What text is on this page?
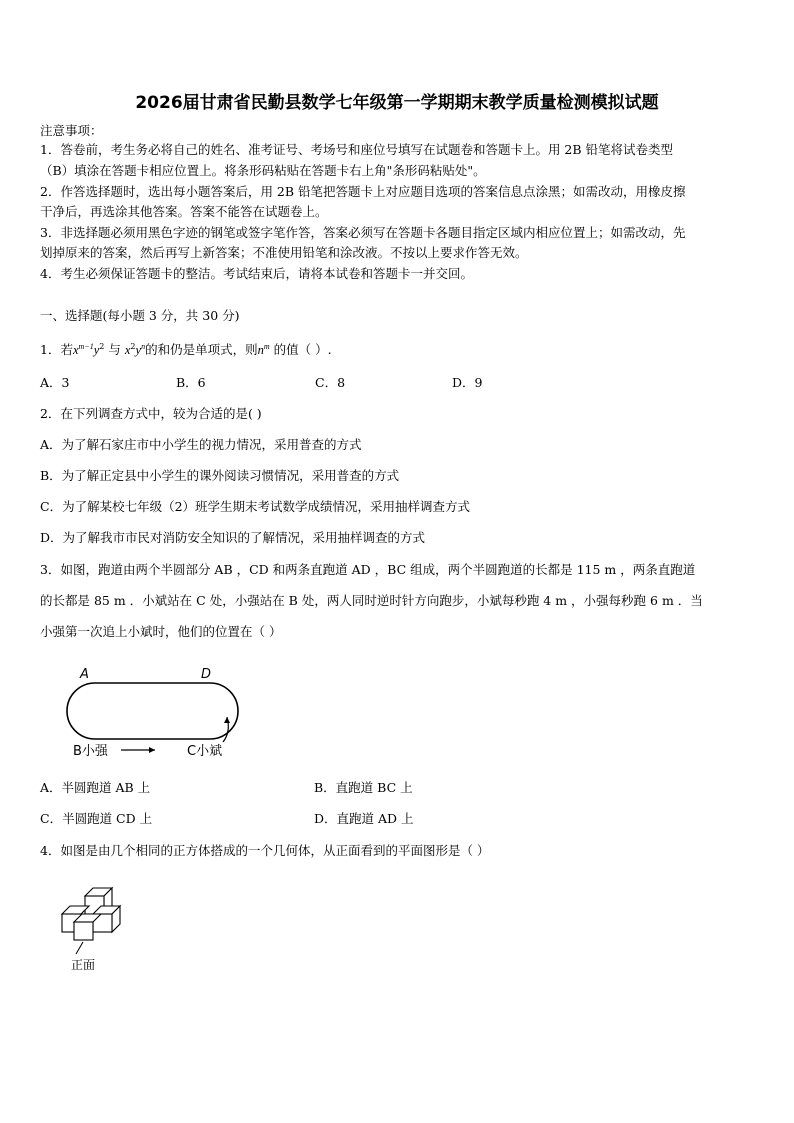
2026届甘肃省民勤县数学七年级第一学期期末教学质量检测模拟试题
注意事项：
1．答卷前，考生务必将自己的姓名、准考证号、考场号和座位号填写在试题卷和答题卡上。用 2B 铅笔将试卷类型
（B）填涂在答题卡相应位置上。将条形码粘贴在答题卡右上角"条形码粘贴处"。
2．作答选择题时，选出每小题答案后，用 2B 铅笔把答题卡上对应题目选项的答案信息点涂黑；如需改动，用橡皮擦
干净后，再选涂其他答案。答案不能答在试题卷上。
3．非选择题必须用黑色字迹的钢笔或签字笔作答，答案必须写在答题卡各题目指定区域内相应位置上；如需改动，先
划掉原来的答案，然后再写上新答案；不准使用铅笔和涂改液。不按以上要求作答无效。
4．考生必须保证答题卡的整洁。考试结束后，请将本试卷和答题卡一并交回。
一、选择题(每小题 3 分，共 30 分)
1．若$x^{m-1}y^2$ 与 $x^2y^n$的和仍是单项式，则$n^m$ 的值（ ）.
A．3	B．6	C．8	D．9
2．在下列调查方式中，较为合适的是( )
A．为了解石家庄市中小学生的视力情况，采用普查的方式
B．为了解正定县中小学生的课外阅读习惯情况，采用普查的方式
C．为了解某校七年级（2）班学生期末考试数学成绩情况，采用抽样调查方式
D．为了解我市市民对消防安全知识的了解情况，采用抽样调查的方式
3．如图，跑道由两个半圆部分 AB ，CD 和两条直跑道 AD ，BC 组成，两个半圆跑道的长都是 115 m ，两条直跑道
的长都是 85 m ．小斌站在 C 处，小强站在 B 处，两人同时逆时针方向跑步，小斌每秒跑 4 m ，小强每秒跑 6 m ．当
小强第一次追上小斌时，他们的位置在（ ）
A	D
B小强	C小斌
A．半圆跑道 AB 上	B．直跑道 BC 上
C．半圆跑道 CD 上	D．直跑道 AD 上
4．如图是由几个相同的正方体搭成的一个几何体，从正面看到的平面图形是（ ）
正面
